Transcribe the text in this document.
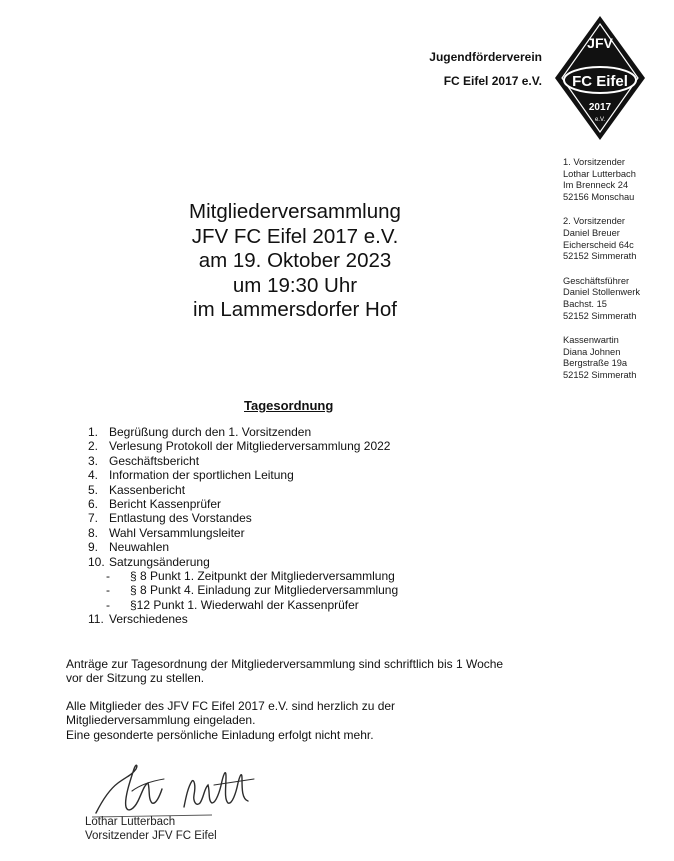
Jugendförderverein
FC Eifel 2017 e.V.
JFV
FC Eifel
2017
e.V.
1. Vorsitzender
Lothar Lutterbach
Im Brenneck 24
52156 Monschau
2. Vorsitzender
Daniel Breuer
Eicherscheid 64c
52152 Simmerath
Geschäftsführer
Daniel Stollenwerk
Bachst. 15
52152 Simmerath
Kassenwartin
Diana Johnen
Bergstraße 19a
52152 Simmerath
Mitgliederversammlung
JFV FC Eifel 2017 e.V.
am 19. Oktober 2023
um 19:30 Uhr
im Lammersdorfer Hof
Tagesordnung
1. Begrüßung durch den 1. Vorsitzenden
2. Verlesung Protokoll der Mitgliederversammlung 2022
3. Geschäftsbericht
4. Information der sportlichen Leitung
5. Kassenbericht
6. Bericht Kassenprüfer
7. Entlastung des Vorstandes
8. Wahl Versammlungsleiter
9. Neuwahlen
10. Satzungsänderung
-	§ 8 Punkt 1. Zeitpunkt der Mitgliederversammlung
-	§ 8 Punkt 4. Einladung zur Mitgliederversammlung
-	§12 Punkt 1. Wiederwahl der Kassenprüfer
11. Verschiedenes
Anträge zur Tagesordnung der Mitgliederversammlung sind schriftlich bis 1 Woche
vor der Sitzung zu stellen.
Alle Mitglieder des JFV FC Eifel 2017 e.V. sind herzlich zu der
Mitgliederversammlung eingeladen.
Eine gesonderte persönliche Einladung erfolgt nicht mehr.
Lothar Lutterbach
Vorsitzender JFV FC Eifel
